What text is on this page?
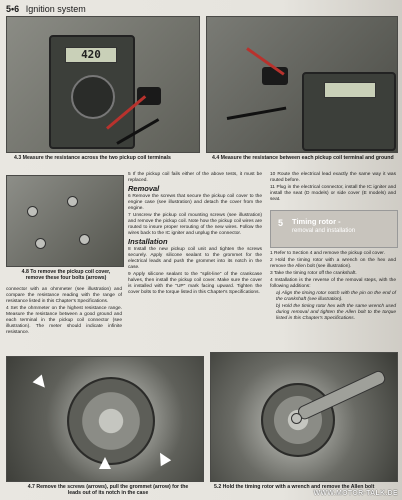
5•6 Ignition system
420
4.3 Measure the resistance across the two pickup coil terminals	4.4 Measure the resistance between each pickup coil terminal and ground
4.8 To remove the pickup coil cover,
remove these four bolts (arrows)

connector with an ohmmeter (see illustration) and compare the resistance reading with the range of resistance listed in this Chapter's Specifications.

4 Set the ohmmeter on the highest resistance range. Measure the resistance between a good ground and each terminal in the pickup coil connector (see illustration). The meter should indicate infinite resistance.

5 If the pickup coil fails either of the above tests, it must be replaced.

Removal

6 Remove the screws that secure the pickup coil cover to the engine case (see illustration) and detach the cover from the engine.

7 Unscrew the pickup coil mounting screws (see illustration) and remove the pickup coil. Note how the pickup coil wires are routed to insure proper rerouting of the new wires. Follow the wires back to the IC igniter and unplug the connector.

Installation

8 Install the new pickup coil unit and tighten the screws securely. Apply silicone sealant to the grommet for the electrical leads and push the grommet into its notch in the case.

9 Apply silicone sealant to the "split-line" of the crankcase halves, then install the pickup coil cover. Make sure the cover is installed with the "UP" mark facing upward. Tighten the cover bolts to the torque listed in this Chapter's Specifications.

10 Route the electrical lead exactly the same way it was routed before.

11 Plug in the electrical connector, install the IC igniter and install the seat (D models) or side cover (E models) and seat.

5 Timing rotor -
removal and installation

1 Refer to Section 4 and remove the pickup coil cover.

2 Hold the timing rotor with a wrench on the hex and remove the Allen bolt (see illustration).

3 Take the timing rotor off the crankshaft.

4 Installation is the reverse of the removal steps, with the following additions:

a) Align the timing rotor notch with the pin on the end of the crankshaft (see illustration).

b) Hold the timing rotor hex with the same wrench used during removal and tighten the Allen bolt to the torque listed in this Chapter's Specifications.

4.7 Remove the screws (arrows), pull the grommet (arrow) for the
leads out of its notch in the case
5.2 Hold the timing rotor with a wrench and remove the Allen bolt
WWW.MOTOR-TALK.DE
